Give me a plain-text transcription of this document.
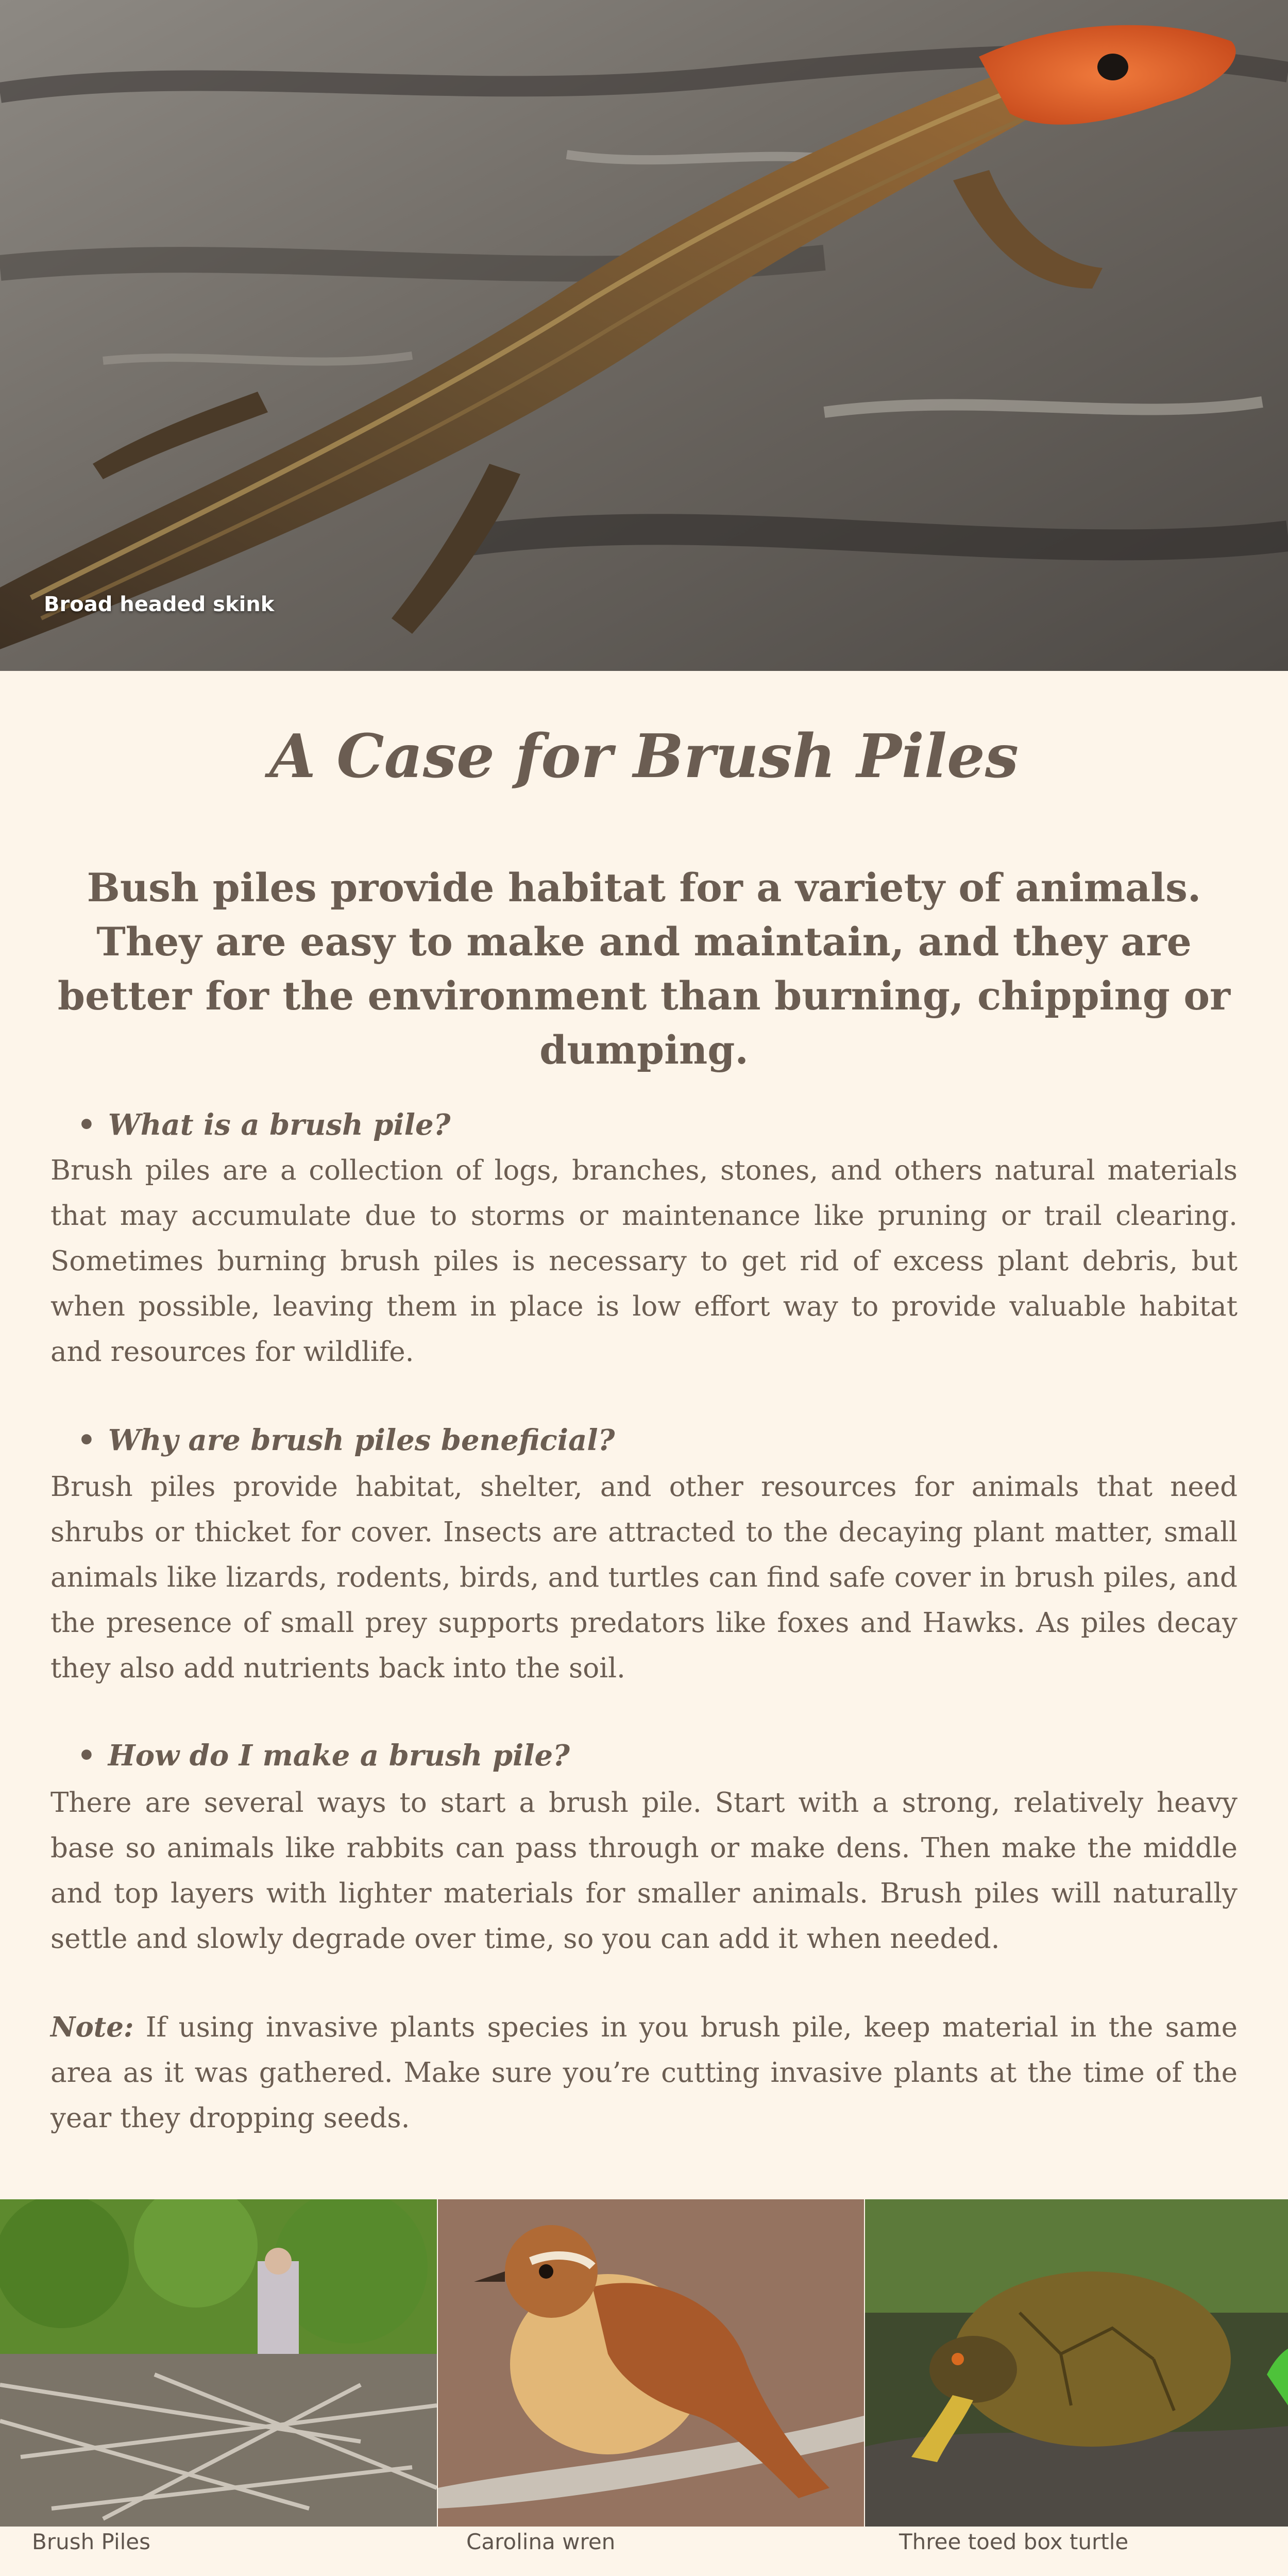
Broad headed skink
A Case for Brush Piles

Bush piles provide habitat for a variety of animals. They are easy to make and maintain, and they are better for the environment than burning, chipping or dumping.

• What is a brush pile?

Brush piles are a collection of logs, branches, stones, and others natural materials that may accumulate due to storms or maintenance like pruning or trail clearing. Sometimes burning brush piles is necessary to get rid of excess plant debris, but when possible, leaving them in place is low effort way to provide valuable habitat and resources for wildlife.

• Why are brush piles beneficial?

Brush piles provide habitat, shelter, and other resources for animals that need shrubs or thicket for cover. Insects are attracted to the decaying plant matter, small animals like lizards, rodents, birds, and turtles can find safe cover in brush piles, and the presence of small prey supports predators like foxes and Hawks. As piles decay they also add nutrients back into the soil.

• How do I make a brush pile?

There are several ways to start a brush pile. Start with a strong, relatively heavy base so animals like rabbits can pass through or make dens. Then make the middle and top layers with lighter materials for smaller animals. Brush piles will naturally settle and slowly degrade over time, so you can add it when needed.

Note: If using invasive plants species in you brush pile, keep material in the same area as it was gathered. Make sure you’re cutting invasive plants at the time of the year they dropping seeds.

Brush Piles	Carolina wren	Three toed box turtle
